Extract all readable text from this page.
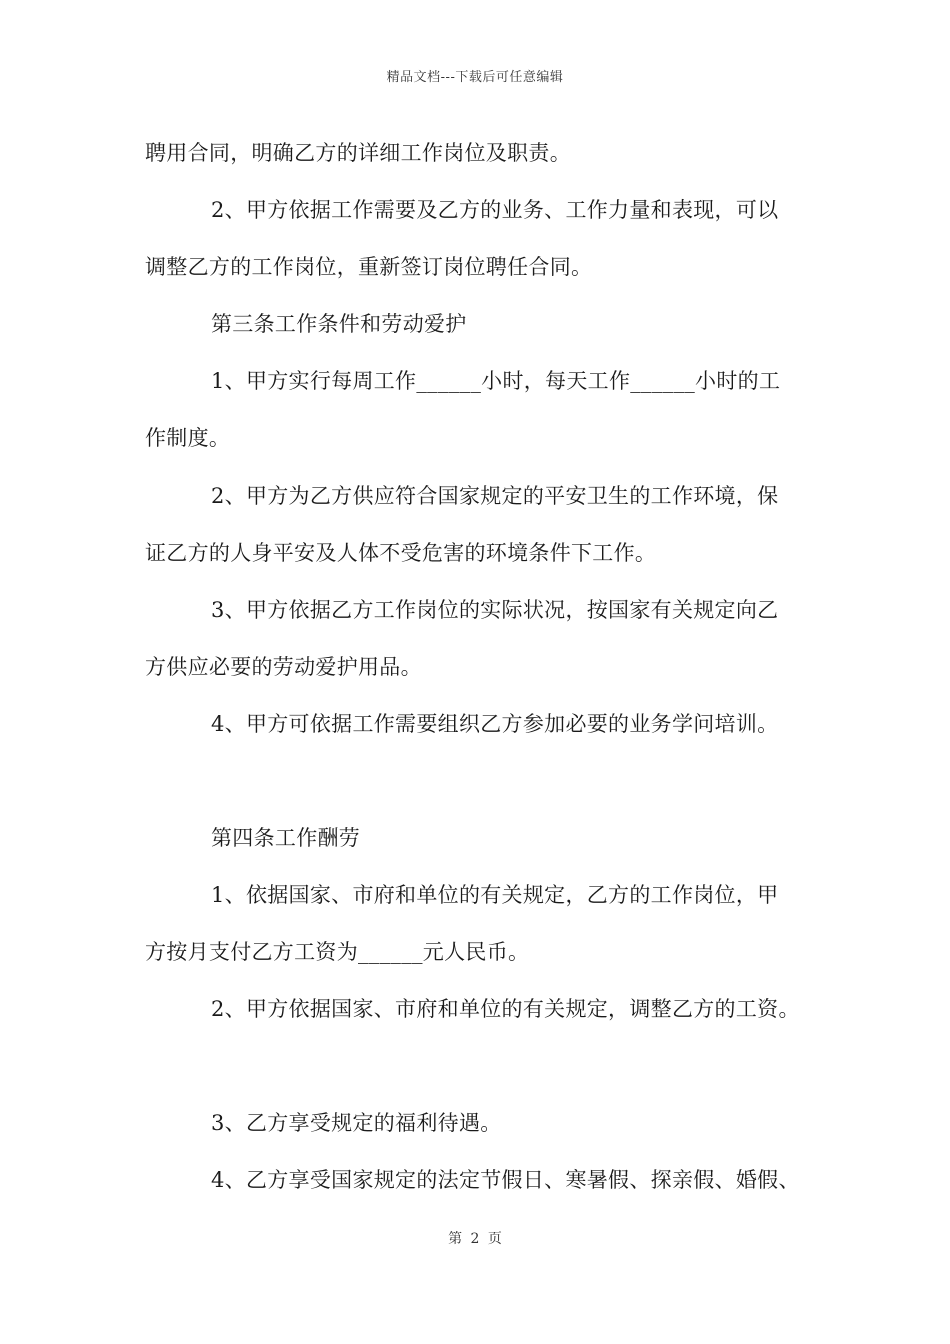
精品文档---下载后可任意编辑
聘用合同，明确乙方的详细工作岗位及职责。
2、甲方依据工作需要及乙方的业务、工作力量和表现，可以
调整乙方的工作岗位，重新签订岗位聘任合同。
第三条工作条件和劳动爱护
1、甲方实行每周工作______小时，每天工作______小时的工
作制度。
2、甲方为乙方供应符合国家规定的平安卫生的工作环境，保
证乙方的人身平安及人体不受危害的环境条件下工作。
3、甲方依据乙方工作岗位的实际状况，按国家有关规定向乙
方供应必要的劳动爱护用品。
4、甲方可依据工作需要组织乙方参加必要的业务学问培训。
第四条工作酬劳
1、依据国家、市府和单位的有关规定，乙方的工作岗位，甲
方按月支付乙方工资为______元人民币。
2、甲方依据国家、市府和单位的有关规定，调整乙方的工资。
3、乙方享受规定的福利待遇。
4、乙方享受国家规定的法定节假日、寒暑假、探亲假、婚假、
第 2 页
